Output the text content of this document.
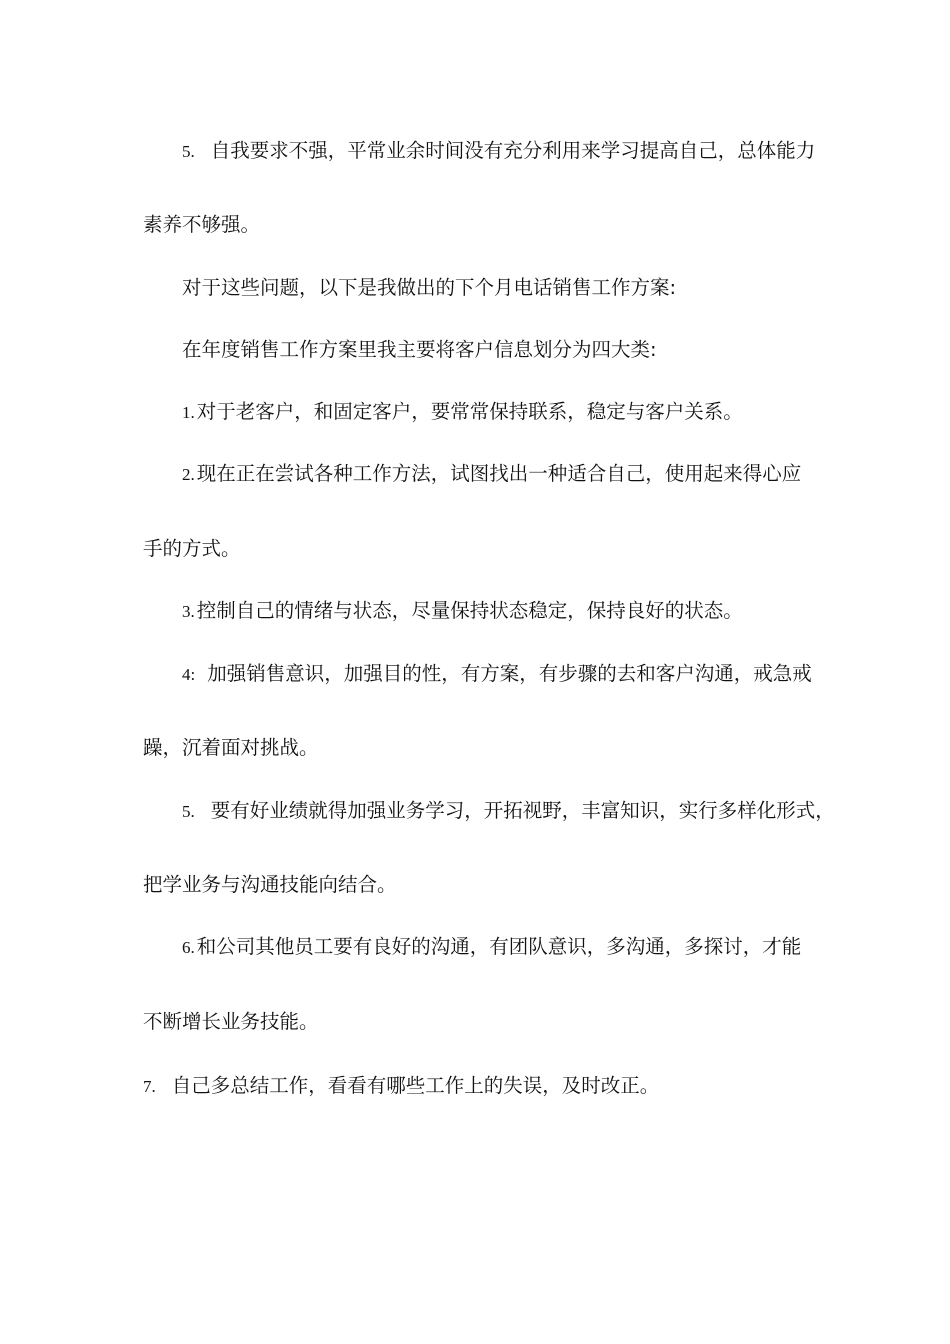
5. 自我要求不强，平常业余时间没有充分利用来学习提高自己，总体能力
素养不够强。
对于这些问题，以下是我做出的下个月电话销售工作方案:
在年度销售工作方案里我主要将客户信息划分为四大类:
1. 对于老客户，和固定客户，要常常保持联系，稳定与客户关系。
2. 现在正在尝试各种工作方法，试图找出一种适合自己，使用起来得心应
手的方式。
3. 控制自己的情绪与状态，尽量保持状态稳定，保持良好的状态。
4: 加强销售意识，加强目的性，有方案，有步骤的去和客户沟通，戒急戒
躁，沉着面对挑战。
5. 要有好业绩就得加强业务学习，开拓视野，丰富知识，实行多样化形式，
把学业务与沟通技能向结合。
6. 和公司其他员工要有良好的沟通，有团队意识，多沟通，多探讨，才能
不断增长业务技能。
7. 自己多总结工作，看看有哪些工作上的失误，及时改正。
